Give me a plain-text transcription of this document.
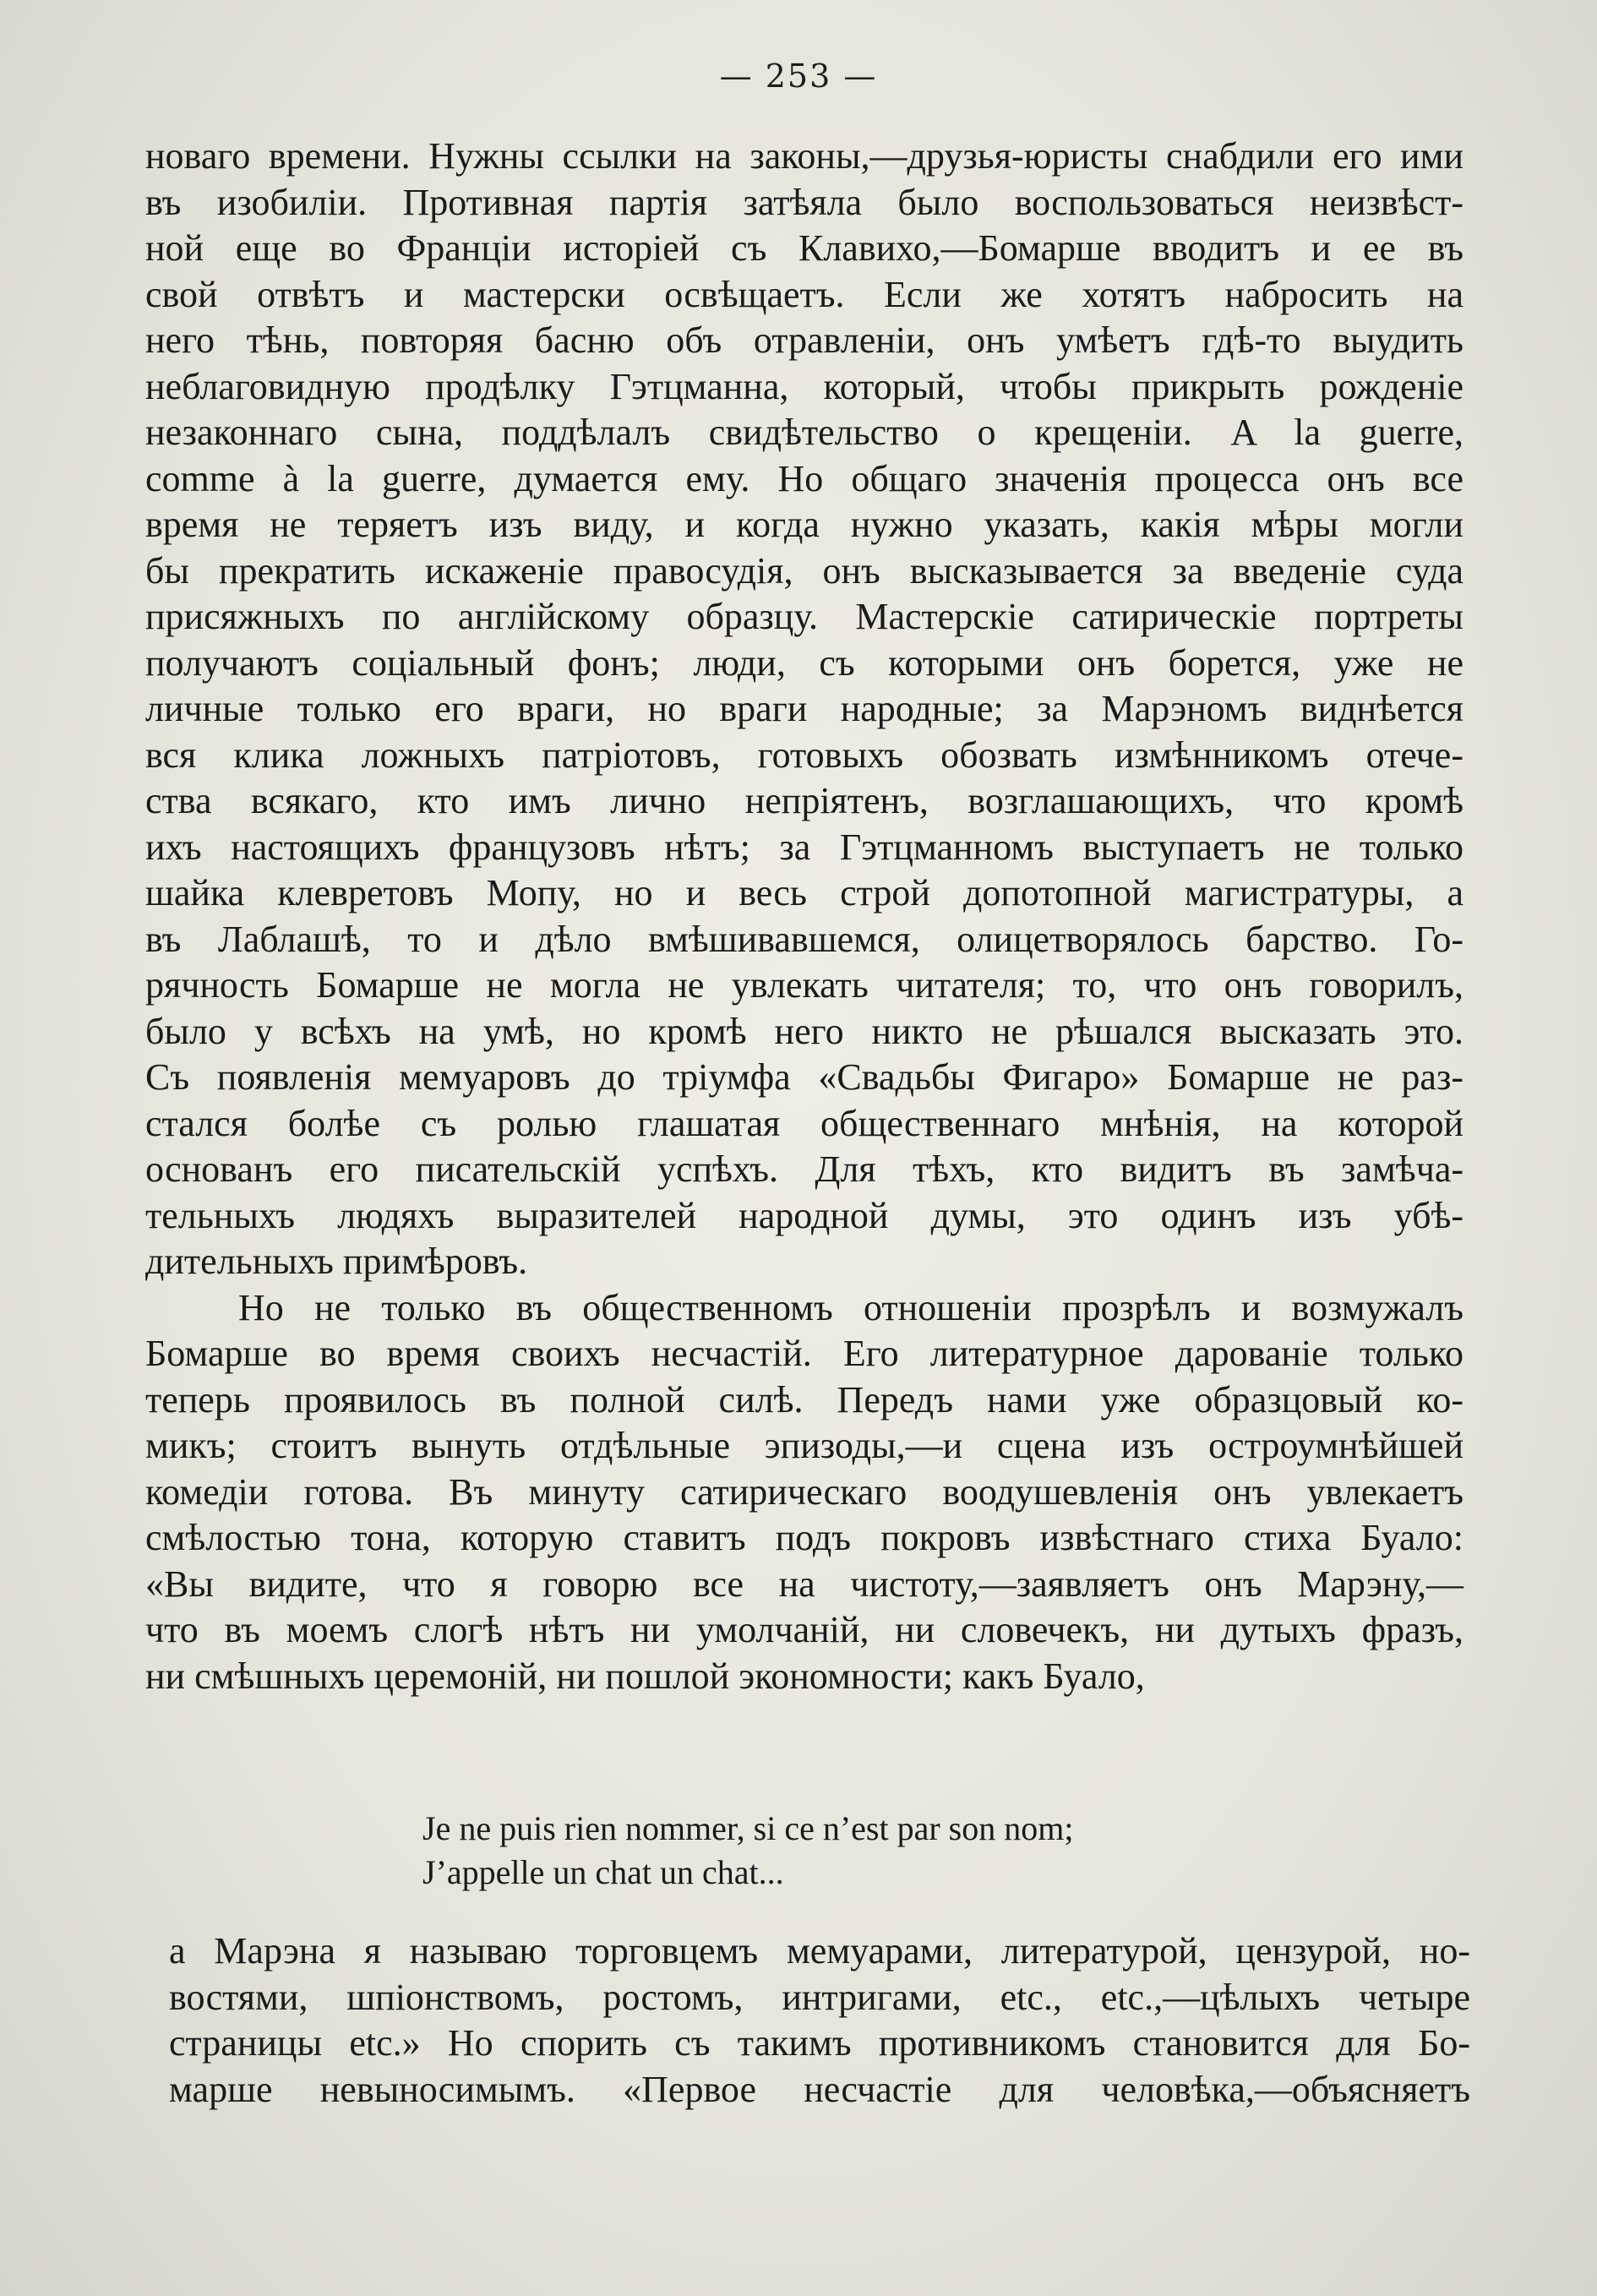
— 253 —
новаго времени. Нужны ссылки на законы,—друзья-юристы снабдили его ими
въ изобиліи. Противная партія затѣяла было воспользоваться неизвѣст-
ной еще во Франціи исторіей съ Клавихо,—Бомарше вводитъ и ее въ
свой отвѣтъ и мастерски освѣщаетъ. Если же хотятъ набросить на
него тѣнь, повторяя басню объ отравленіи, онъ умѣетъ гдѣ-то выудить
неблаговидную продѣлку Гэтцманна, который, чтобы прикрыть рожденіе
незаконнаго сына, поддѣлалъ свидѣтельство о крещеніи. A la guerre,
comme à la guerre, думается ему. Но общаго значенія процесса онъ все
время не теряетъ изъ виду, и когда нужно указать, какія мѣры могли
бы прекратить искаженіе правосудія, онъ высказывается за введеніе суда
присяжныхъ по англійскому образцу. Мастерскіе сатирическіе портреты
получаютъ соціальный фонъ; люди, съ которыми онъ борется, уже не
личные только его враги, но враги народные; за Марэномъ виднѣется
вся клика ложныхъ патріотовъ, готовыхъ обозвать измѣнникомъ отече-
ства всякаго, кто имъ лично непріятенъ, возглашающихъ, что кромѣ
ихъ настоящихъ французовъ нѣтъ; за Гэтцманномъ выступаетъ не только
шайка клевретовъ Мопу, но и весь строй допотопной магистратуры, а
въ Лаблашѣ, то и дѣло вмѣшивавшемся, олицетворялось барство. Го-
рячность Бомарше не могла не увлекать читателя; то, что онъ говорилъ,
было у всѣхъ на умѣ, но кромѣ него никто не рѣшался высказать это.
Съ появленія мемуаровъ до тріумфа «Свадьбы Фигаро» Бомарше не раз-
стался болѣе съ ролью глашатая общественнаго мнѣнія, на которой
основанъ его писательскій успѣхъ. Для тѣхъ, кто видитъ въ замѣча-
тельныхъ людяхъ выразителей народной думы, это одинъ изъ убѣ-
дительныхъ примѣровъ.
Но не только въ общественномъ отношеніи прозрѣлъ и возмужалъ
Бомарше во время своихъ несчастій. Его литературное дарованіе только
теперь проявилось въ полной силѣ. Передъ нами уже образцовый ко-
микъ; стоитъ вынуть отдѣльные эпизоды,—и сцена изъ остроумнѣйшей
комедіи готова. Въ минуту сатирическаго воодушевленія онъ увлекаетъ
смѣлостью тона, которую ставитъ подъ покровъ извѣстнаго стиха Буало:
«Вы видите, что я говорю все на чистоту,—заявляетъ онъ Марэну,—
что въ моемъ слогѣ нѣтъ ни умолчаній, ни словечекъ, ни дутыхъ фразъ,
ни смѣшныхъ церемоній, ни пошлой экономности; какъ Буало,
Je ne puis rien nommer, si ce n’est par son nom;
J’appelle un chat un chat...
а Марэна я называю торговцемъ мемуарами, литературой, цензурой, но-
востями, шпіонствомъ, ростомъ, интригами, etc., etc.,—цѣлыхъ четыре
страницы etc.» Но спорить съ такимъ противникомъ становится для Бо-
марше невыносимымъ. «Первое несчастіе для человѣка,—объясняетъ
